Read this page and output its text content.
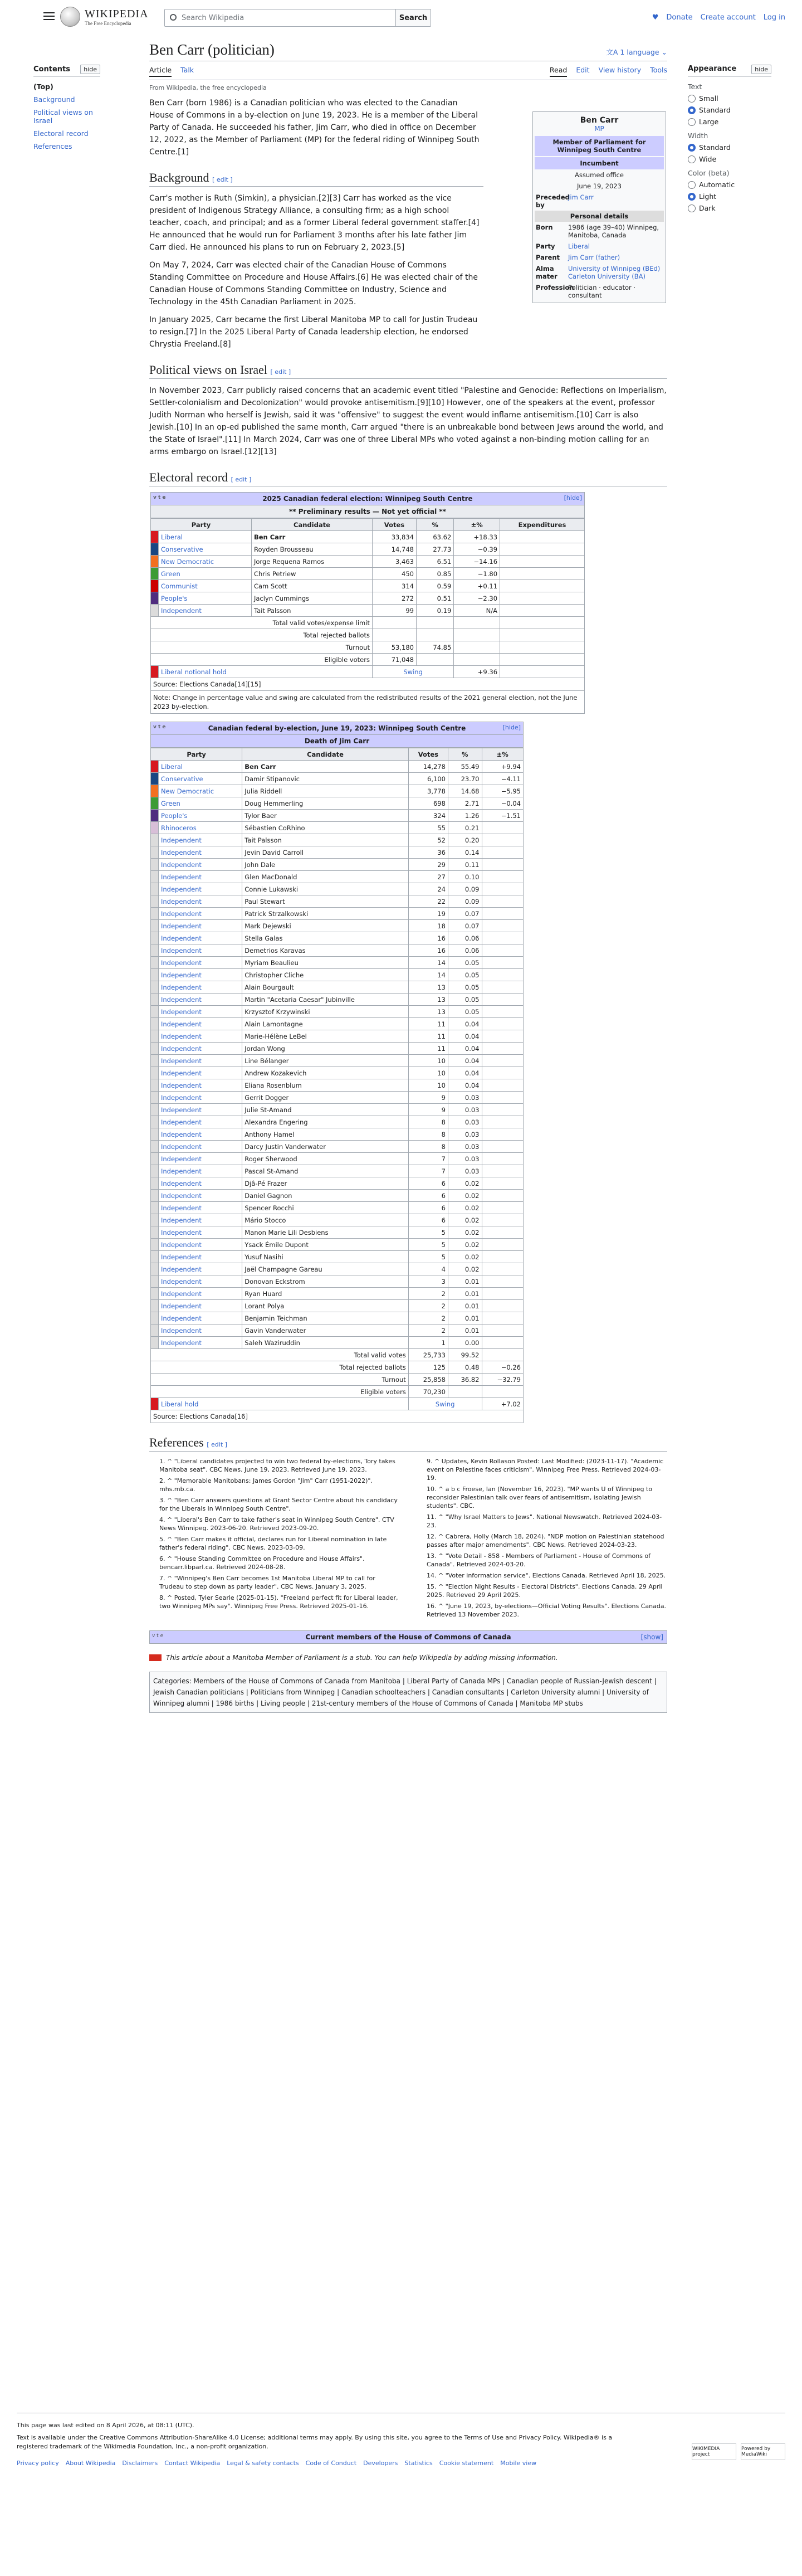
WIKIPEDIA
The Free Encyclopedia
Search Wikipedia	Search	♥ Donate Create account Log in
Contents	hide
(Top)
Background
Political views on Israel
Electoral record
References
Appearance	hide
Text
Small
Standard
Large
Width
Standard
Wide
Color (beta)
Automatic
Light
Dark
Ben Carr (politician)	文A 1 language ⌄
Article Talk	Read Edit View history Tools
From Wikipedia, the free encyclopedia

Ben Carr (born 1986) is a Canadian politician who was elected to the Canadian House of Commons in a by-election on June 19, 2023. He is a member of the Liberal Party of Canada. He succeeded his father, Jim Carr, who died in office on December 12, 2022, as the Member of Parliament (MP) for the federal riding of Winnipeg South Centre.[1]

Background [ edit ]

Carr's mother is Ruth (Simkin), a physician.[2][3] Carr has worked as the vice president of Indigenous Strategy Alliance, a consulting firm; as a high school teacher, coach, and principal; and as a former Liberal federal government staffer.[4] He announced that he would run for Parliament 3 months after his late father Jim Carr died. He announced his plans to run on February 2, 2023.[5]

On May 7, 2024, Carr was elected chair of the Canadian House of Commons Standing Committee on Procedure and House Affairs.[6] He was elected chair of the Canadian House of Commons Standing Committee on Industry, Science and Technology in the 45th Canadian Parliament in 2025.

In January 2025, Carr became the first Liberal Manitoba MP to call for Justin Trudeau to resign.[7] In the 2025 Liberal Party of Canada leadership election, he endorsed Chrystia Freeland.[8]

Ben Carr
MP
Member of Parliament for Winnipeg South Centre
Incumbent
Assumed office
June 19, 2023
Preceded by
Jim Carr
Personal details
Born	1986 (age 39–40) Winnipeg, Manitoba, Canada
Party	Liberal
Parent	Jim Carr (father)
Alma mater
University of Winnipeg (BEd) Carleton University (BA)
Profession
Politician · educator · consultant
Political views on Israel [ edit ]

In November 2023, Carr publicly raised concerns that an academic event titled "Palestine and Genocide: Reflections on Imperialism, Settler-colonialism and Decolonization" would provoke antisemitism.[9][10] However, one of the speakers at the event, professor Judith Norman who herself is Jewish, said it was "offensive" to suggest the event would inflame antisemitism.[10] Carr is also Jewish.[10] In an op-ed published the same month, Carr argued "there is an unbreakable bond between Jews around the world, and the State of Israel".[11] In March 2024, Carr was one of three Liberal MPs who voted against a non-binding motion calling for an arms embargo on Israel.[12][13]

Electoral record [ edit ]
v t e	2025 Canadian federal election: Winnipeg South Centre	[hide]
** Preliminary results — Not yet official **
Party		Candidate	Votes	%	±%	Expenditures
	Liberal	Ben Carr	33,834	63.62	+18.33	
	Conservative	Royden Brousseau	14,748	27.73	−0.39	
	New Democratic	Jorge Requena Ramos	3,463	6.51	−14.16	
	Green	Chris Petriew	450	0.85	−1.80	
	Communist	Cam Scott	314	0.59	+0.11	
	People's	Jaclyn Cummings	272	0.51	−2.30	
	Independent	Tait Palsson	99	0.19	N/A	
Total valid votes/expense limit						
Total rejected ballots						
Turnout			53,180	74.85		
Eligible voters			71,048			
	Liberal notional hold		Swing		+9.36	
Source: Elections Canada[14][15]
Note: Change in percentage value and swing are calculated from the redistributed results of the 2021 general election, not the June 2023 by-election.
v t e	Canadian federal by-election, June 19, 2023: Winnipeg South Centre	[hide]
Death of Jim Carr
Party		Candidate	Votes	%	±%
	Liberal	Ben Carr	14,278	55.49	+9.94
	Conservative	Damir Stipanovic	6,100	23.70	−4.11
	New Democratic	Julia Riddell	3,778	14.68	−5.95
	Green	Doug Hemmerling	698	2.71	−0.04
	People's	Tylor Baer	324	1.26	−1.51
	Rhinoceros	Sébastien CoRhino	55	0.21	
	Independent	Tait Palsson	52	0.20	
	Independent	Jevin David Carroll	36	0.14	
	Independent	John Dale	29	0.11	
	Independent	Glen MacDonald	27	0.10	
	Independent	Connie Lukawski	24	0.09	
	Independent	Paul Stewart	22	0.09	
	Independent	Patrick Strzalkowski	19	0.07	
	Independent	Mark Dejewski	18	0.07	
	Independent	Stella Galas	16	0.06	
	Independent	Demetrios Karavas	16	0.06	
	Independent	Myriam Beaulieu	14	0.05	
	Independent	Christopher Cliche	14	0.05	
	Independent	Alain Bourgault	13	0.05	
	Independent	Martin "Acetaria Caesar" Jubinville	13	0.05	
	Independent	Krzysztof Krzywinski	13	0.05	
	Independent	Alain Lamontagne	11	0.04	
	Independent	Marie-Hélène LeBel	11	0.04	
	Independent	Jordan Wong	11	0.04	
	Independent	Line Bélanger	10	0.04	
	Independent	Andrew Kozakevich	10	0.04	
	Independent	Eliana Rosenblum	10	0.04	
	Independent	Gerrit Dogger	9	0.03	
	Independent	Julie St-Amand	9	0.03	
	Independent	Alexandra Engering	8	0.03	
	Independent	Anthony Hamel	8	0.03	
	Independent	Darcy Justin Vanderwater	8	0.03	
	Independent	Roger Sherwood	7	0.03	
	Independent	Pascal St-Amand	7	0.03	
	Independent	Djâ-Pé Frazer	6	0.02	
	Independent	Daniel Gagnon	6	0.02	
	Independent	Spencer Rocchi	6	0.02	
	Independent	Mário Stocco	6	0.02	
	Independent	Manon Marie Lili Desbiens	5	0.02	
	Independent	Ysack Émile Dupont	5	0.02	
	Independent	Yusuf Nasihi	5	0.02	
	Independent	Jaël Champagne Gareau	4	0.02	
	Independent	Donovan Eckstrom	3	0.01	
	Independent	Ryan Huard	2	0.01	
	Independent	Lorant Polya	2	0.01	
	Independent	Benjamin Teichman	2	0.01	
	Independent	Gavin Vanderwater	2	0.01	
	Independent	Saleh Waziruddin	1	0.00	
Total valid votes			25,733	99.52	
Total rejected ballots			125	0.48	−0.26
Turnout			25,858	36.82	−32.79
Eligible voters			70,230		
	Liberal hold		Swing		+7.02
Source: Elections Canada[16]
References [ edit ]
1. ^ "Liberal candidates projected to win two federal by-elections, Tory takes Manitoba seat". CBC News. June 19, 2023. Retrieved June 19, 2023.
2. ^ "Memorable Manitobans: James Gordon "Jim" Carr (1951-2022)". mhs.mb.ca.
3. ^ "Ben Carr answers questions at Grant Sector Centre about his candidacy for the Liberals in Winnipeg South Centre".
4. ^ "Liberal's Ben Carr to take father's seat in Winnipeg South Centre". CTV News Winnipeg. 2023-06-20. Retrieved 2023-09-20.
5. ^ "Ben Carr makes it official, declares run for Liberal nomination in late father's federal riding". CBC News. 2023-03-09.
6. ^ "House Standing Committee on Procedure and House Affairs". bencarr.libparl.ca. Retrieved 2024-08-28.
7. ^ "Winnipeg's Ben Carr becomes 1st Manitoba Liberal MP to call for Trudeau to step down as party leader". CBC News. January 3, 2025.
8. ^ Posted, Tyler Searle (2025-01-15). "Freeland perfect fit for Liberal leader, two Winnipeg MPs say". Winnipeg Free Press. Retrieved 2025-01-16.
9. ^ Updates, Kevin Rollason Posted: Last Modified: (2023-11-17). "Academic event on Palestine faces criticism". Winnipeg Free Press. Retrieved 2024-03-19.
10. ^ a b c Froese, Ian (November 16, 2023). "MP wants U of Winnipeg to reconsider Palestinian talk over fears of antisemitism, isolating Jewish students". CBC.
11. ^ "Why Israel Matters to Jews". National Newswatch. Retrieved 2024-03-23.
12. ^ Cabrera, Holly (March 18, 2024). "NDP motion on Palestinian statehood passes after major amendments". CBC News. Retrieved 2024-03-23.
13. ^ "Vote Detail - 858 - Members of Parliament - House of Commons of Canada". Retrieved 2024-03-20.
14. ^ "Voter information service". Elections Canada. Retrieved April 18, 2025.
15. ^ "Election Night Results - Electoral Districts". Elections Canada. 29 April 2025. Retrieved 29 April 2025.
16. ^ "June 19, 2023, by-elections—Official Voting Results". Elections Canada. Retrieved 13 November 2023.
v t e	Current members of the House of Commons of Canada	[show]
This article about a Manitoba Member of Parliament is a stub. You can help Wikipedia by adding missing information.
Categories: Members of the House of Commons of Canada from Manitoba | Liberal Party of Canada MPs | Canadian people of Russian-Jewish descent | Jewish Canadian politicians | Politicians from Winnipeg | Canadian schoolteachers | Canadian consultants | Carleton University alumni | University of Winnipeg alumni | 1986 births | Living people | 21st-century members of the House of Commons of Canada | Manitoba MP stubs
This page was last edited on 8 April 2026, at 08:11 (UTC).
Text is available under the Creative Commons Attribution-ShareAlike 4.0 License; additional terms may apply. By using this site, you agree to the Terms of Use and Privacy Policy. Wikipedia® is a registered trademark of the Wikimedia Foundation, Inc., a non-profit organization.
Privacy policy About Wikipedia Disclaimers Contact Wikipedia Legal & safety contacts Code of Conduct Developers Statistics Cookie statement Mobile view
WIKIMEDIA project
Powered by MediaWiki
